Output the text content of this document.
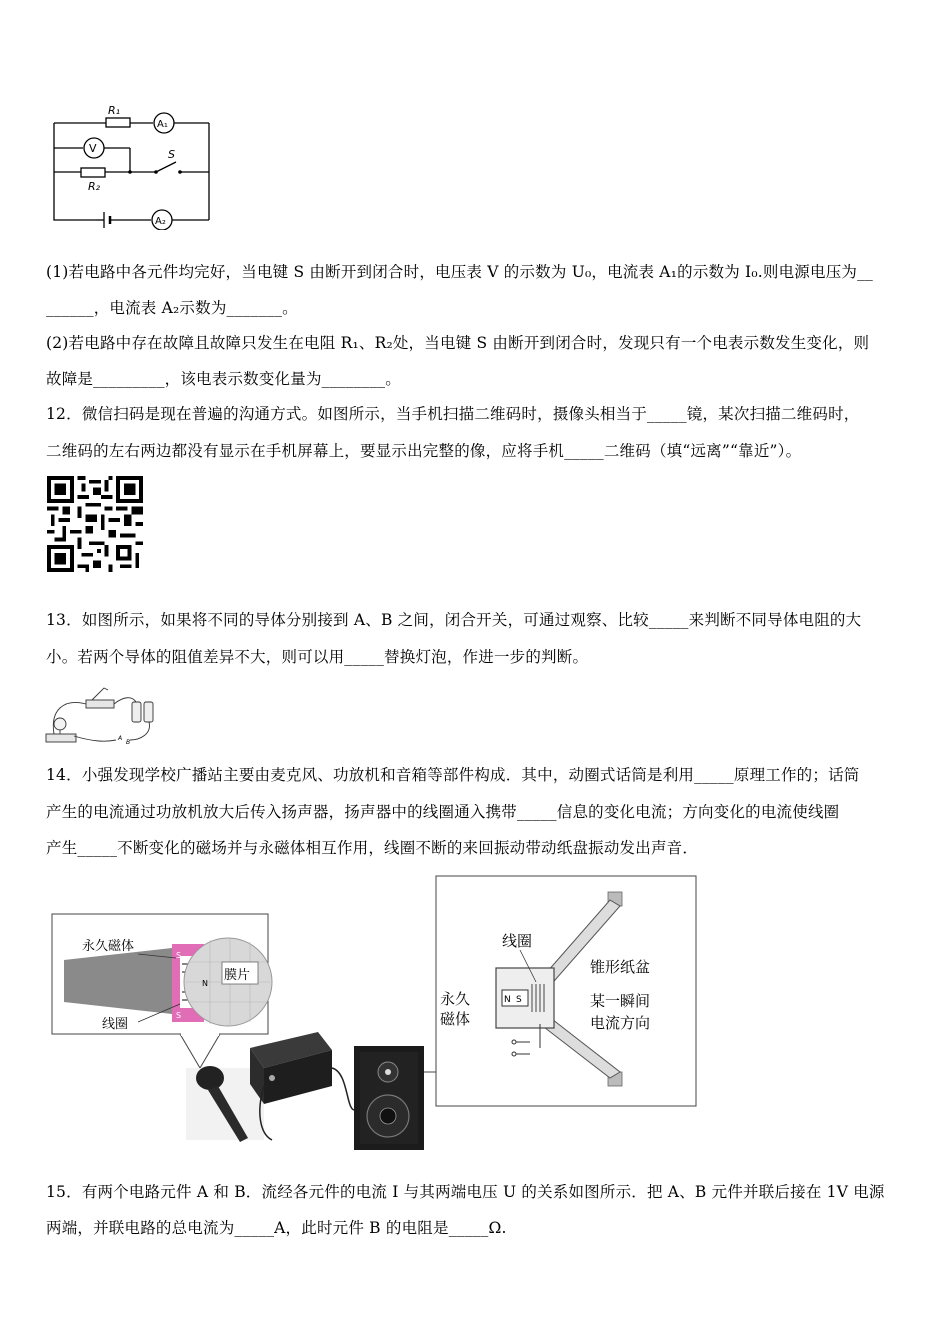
R₁
R₂
V
A₁
A₂
S
(1)若电路中各元件均完好，当电键 S 由断开到闭合时，电压表 V 的示数为 U₀，电流表 A₁的示数为 I₀.则电源电压为__
______，电流表 A₂示数为_______。
(2)若电路中存在故障且故障只发生在电阻 R₁、R₂处，当电键 S 由断开到闭合时，发现只有一个电表示数发生变化，则
故障是_________，该电表示数变化量为________。
12．微信扫码是现在普遍的沟通方式。如图所示，当手机扫描二维码时，摄像头相当于_____镜，某次扫描二维码时，
二维码的左右两边都没有显示在手机屏幕上，要显示出完整的像，应将手机_____二维码（填“远离”“靠近”）。
13．如图所示，如果将不同的导体分别接到 A、B 之间，闭合开关，可通过观察、比较_____来判断不同导体电阻的大
小。若两个导体的阻值差异不大，则可以用_____替换灯泡，作进一步的判断。
A
B
14．小强发现学校广播站主要由麦克风、功放机和音箱等部件构成．其中，动圈式话筒是利用_____原理工作的；话筒
产生的电流通过功放机放大后传入扬声器，扬声器中的线圈通入携带_____信息的变化电流；方向变化的电流使线圈
产生_____不断变化的磁场并与永磁体相互作用，线圈不断的来回振动带动纸盘振动发出声音．
膜片
永久磁体
线圈
S
S
N
N S
线圈
锥形纸盆
永久
磁体
某一瞬间
电流方向
15．有两个电路元件 A 和 B．流经各元件的电流 I 与其两端电压 U 的关系如图所示．把 A、B 元件并联后接在 1V 电源
两端，并联电路的总电流为_____A，此时元件 B 的电阻是_____Ω.
